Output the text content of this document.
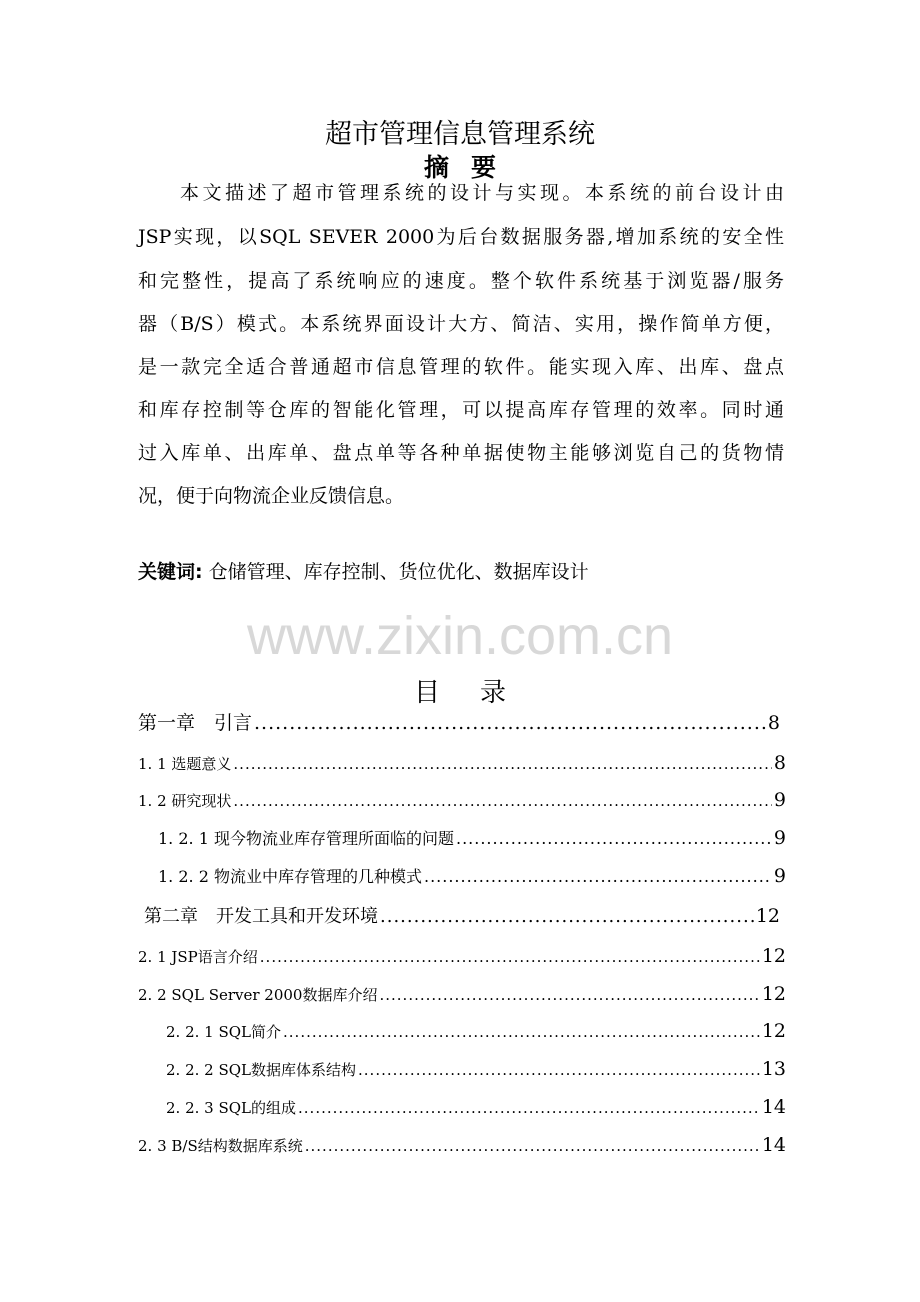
超市管理信息管理系统
摘要
本文描述了超市管理系统的设计与实现。本系统的前台设计由
JSP实现，以SQL SEVER 2000为后台数据服务器,增加系统的安全性
和完整性，提高了系统响应的速度。整个软件系统基于浏览器/服务
器（B/S）模式。本系统界面设计大方、简洁、实用，操作简单方便，
是一款完全适合普通超市信息管理的软件。能实现入库、出库、盘点
和库存控制等仓库的智能化管理，可以提高库存管理的效率。同时通
过入库单、出库单、盘点单等各种单据使物主能够浏览自己的货物情
况，便于向物流企业反馈信息。
关键词: 仓储管理、库存控制、货位优化、数据库设计
www.zixin.com.cn
目录
第一章　引言 .....	8
1. 1 选题意义 .....	8
1. 2 研究现状 .....	9
1. 2. 1 现今物流业库存管理所面临的问题 .....	9
1. 2. 2 物流业中库存管理的几种模式 .....	9
第二章　开发工具和开发环境 .....	12
2. 1 JSP语言介绍 .....	12
2. 2 SQL Server 2000数据库介绍 .....	12
2. 2. 1 SQL简介 .....	12
2. 2. 2 SQL数据库体系结构 .....	13
2. 2. 3 SQL的组成 .....	14
2. 3 B/S结构数据库系统 .....	14
